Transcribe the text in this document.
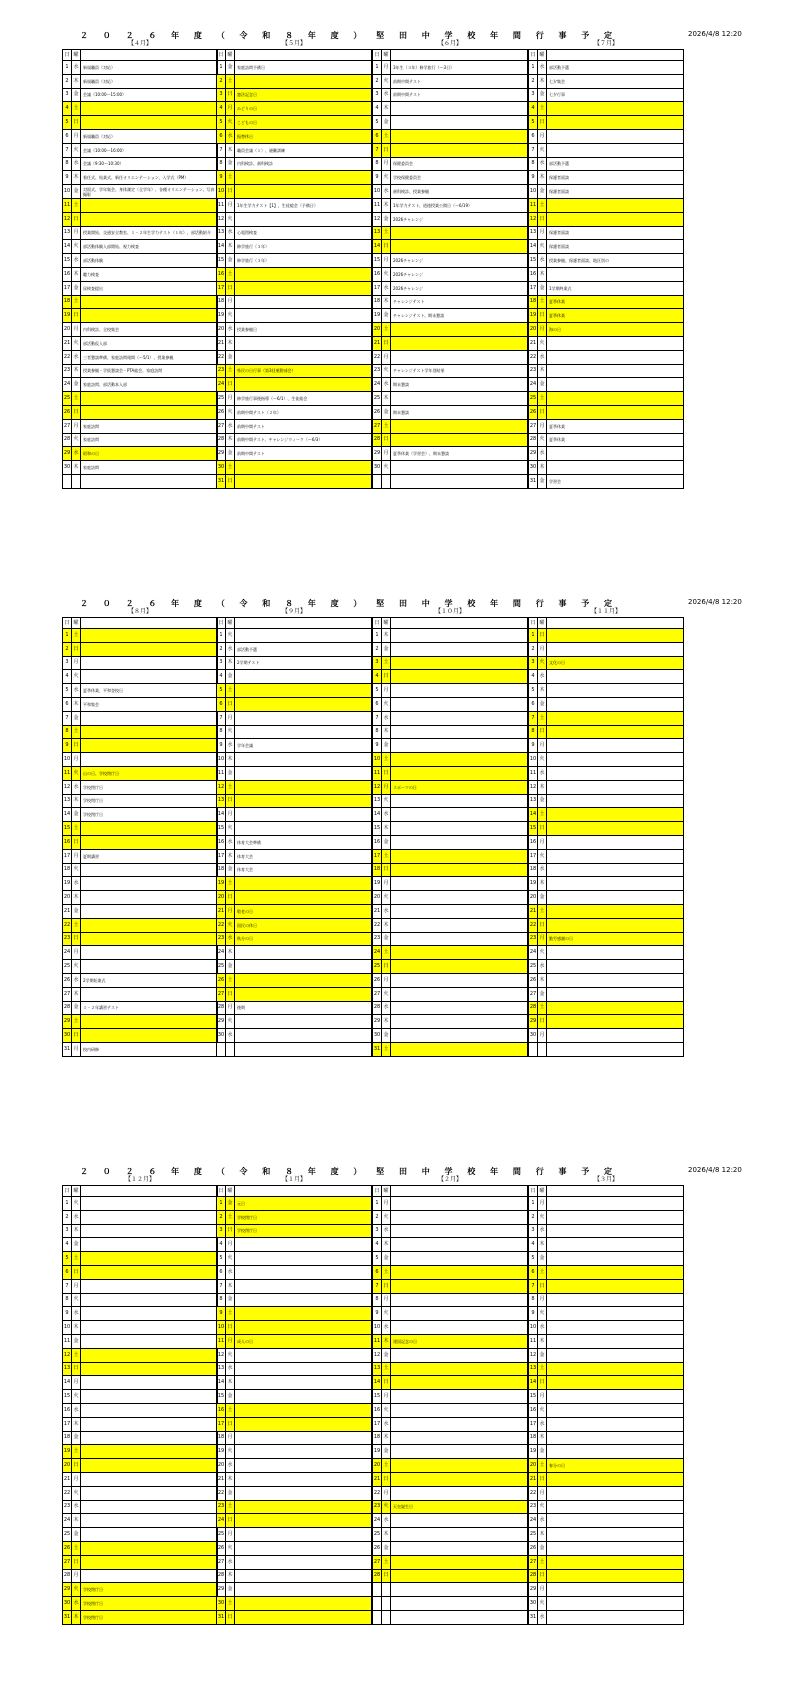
２ ０ ２ ６ 年 度 （ 令 和 ８ 年 度 ） 堅 田 中 学 校 年 間 行 事 予 定	2026/4/8 12:20
【４月】
日	曜	
1	水	新規職員（対応）
2	木	新規職員（対応）
3	金	会議（10:00〜15:00）
4	土	
5	日	
6	月	新規職員（対応）
7	火	会議（10:00〜16:00）
8	水	会議（9:30〜10:30）
9	木	着任式、始業式、新任オリエンテーション、入学式（PM）
10	金	対面式、学年集会、身体測定（全学年）、各種オリエンテーション、写真撮影
11	土	
12	日	
13	月	授業開始、交通安全教室、１・２年生学力テスト（１年）、部活動紹介
14	火	部活動体験入部開始、視力検査
15	水	部活動体験
16	木	聴力検査
17	金	尿検査提出
18	土	
19	日	
20	月	内科検診、全校集会
21	火	部活動仮入部
22	水	三者懇談準備、家庭訪問週間（〜5/1）、授業参観
23	木	授業参観・学級懇談会・PTA総会、家庭訪問
24	金	家庭訪問、部活動本入部
25	土	
26	日	
27	月	家庭訪問
28	火	家庭訪問
29	水	昭和の日
30	木	家庭訪問

【５月】
日	曜	
1	金	家庭訪問予備日
2	土	
3	日	憲法記念日
4	月	みどりの日
5	火	こどもの日
6	水	振替休日
7	木	職員会議（１）、避難訓練
8	金	内科検診、歯科検診
9	土	
10	日	
11	月	1年生学力テスト【1】、生徒総会（予備日）
12	火	
13	水	心電図検査
14	木	修学旅行（３年）
15	金	修学旅行（３年）
16	土	
17	日	
18	月	
19	火	
20	水	授業参観日
21	木	
22	金	
23	土	県民の日行事（第3回運動部会）
24	日	
25	月	修学旅行事後指導（〜6/1）、生徒総会
26	火	前期中間テスト（２年）
27	水	前期中間テスト
28	木	前期中間テスト、チャレンジウィーク（〜6/3）
29	金	前期中間テスト
30	土	
31	日	
【６月】
日	曜	
1	月	3年生（３年）修学旅行（〜3日）
2	火	前期中間テスト
3	水	前期中間テスト
4	木	
5	金	
6	土	
7	日	
8	月	保健委員会
9	火	学校保健委員会
10	水	歯科検診、授業参観
11	木	1年学力テスト、道徳授業公開日（〜6/19）
12	金	2026チャレンジ
13	土	
14	日	
15	月	2026チャレンジ
16	火	2026チャレンジ
17	水	2026チャレンジ
18	木	チャレンジテスト
19	金	チャレンジテスト、期末懇談
20	土	
21	日	
22	月	
23	火	チャレンジテスト学年別結果
24	水	期末懇談
25	木	
26	金	期末懇談
27	土	
28	日	
29	月	夏季休業（学習会）、期末懇談
30	火	

【７月】
日	曜	
1	水	部活動予選
2	木	七夕集会
3	金	七夕行事
4	土	
5	日	
6	月	
7	火	
8	水	部活動予選
9	木	保護者面談
10	金	保護者面談
11	土	
12	日	
13	月	保護者面談
14	火	保護者面談
15	水	授業参観、保護者面談、地区別の
16	木	
17	金	1学期終業式
18	土	夏季休業
19	日	夏季休業
20	月	海の日
21	火	
22	水	
23	木	
24	金	
25	土	
26	日	
27	月	夏季休業
28	火	夏季休業
29	水	
30	木	
31	金	学習会
２ ０ ２ ６ 年 度 （ 令 和 ８ 年 度 ） 堅 田 中 学 校 年 間 行 事 予 定	2026/4/8 12:20
【８月】
日	曜	
1	土	
2	日	
3	月	
4	火	
5	水	夏季休業、平和登校日
6	木	平和集会
7	金	
8	土	
9	日	
10	月	
11	火	山の日、学校閉庁日
12	水	学校閉庁日
13	木	学校閉庁日
14	金	学校閉庁日
15	土	
16	日	
17	月	夏期講習
18	火	
19	水	
20	木	
21	金	
22	土	
23	日	
24	月	
25	火	
26	水	2学期始業式
27	木	
28	金	１・２年講習テスト
29	土	
30	日	
31	月	校内研修
【９月】
日	曜	
1	火	
2	水	部活動予選
3	木	2学期テスト
4	金	
5	土	
6	日	
7	月	
8	火	
9	水	学年会議
10	木	
11	金	
12	土	
13	日	
14	月	
15	火	
16	水	体育大会準備
17	木	体育大会
18	金	体育大会
19	土	
20	日	
21	月	敬老の日
22	火	国民の休日
23	水	秋分の日
24	木	
25	金	
26	土	
27	日	
28	月	後期
29	火	
30	水	

【１０月】
日	曜	
1	木	
2	金	
3	土	
4	日	
5	月	
6	火	
7	水	
8	木	
9	金	
10	土	
11	日	
12	月	スポーツの日
13	火	
14	水	
15	木	
16	金	
17	土	
18	日	
19	月	
20	火	
21	水	
22	木	
23	金	
24	土	
25	日	
26	月	
27	火	
28	水	
29	木	
30	金	
31	土	
【１１月】
日	曜	
1	日	
2	月	
3	火	文化の日
4	水	
5	木	
6	金	
7	土	
8	日	
9	月	
10	火	
11	水	
12	木	
13	金	
14	土	
15	日	
16	月	
17	火	
18	水	
19	木	
20	金	
21	土	
22	日	
23	月	勤労感謝の日
24	火	
25	水	
26	木	
27	金	
28	土	
29	日	
30	月	

２ ０ ２ ６ 年 度 （ 令 和 ８ 年 度 ） 堅 田 中 学 校 年 間 行 事 予 定	2026/4/8 12:20
【１２月】
日	曜	
1	火	
2	水	
3	木	
4	金	
5	土	
6	日	
7	月	
8	火	
9	水	
10	木	
11	金	
12	土	
13	日	
14	月	
15	火	
16	水	
17	木	
18	金	
19	土	
20	日	
21	月	
22	火	
23	水	
24	木	
25	金	
26	土	
27	日	
28	月	
29	火	学校閉庁日
30	水	学校閉庁日
31	木	学校閉庁日
【１月】
日	曜	
1	金	元日
2	土	学校閉庁日
3	日	学校閉庁日
4	月	
5	火	
6	水	
7	木	
8	金	
9	土	
10	日	
11	月	成人の日
12	火	
13	水	
14	木	
15	金	
16	土	
17	日	
18	月	
19	火	
20	水	
21	木	
22	金	
23	土	
24	日	
25	月	
26	火	
27	水	
28	木	
29	金	
30	土	
31	日	
【２月】
日	曜	
1	月	
2	火	
3	水	
4	木	
5	金	
6	土	
7	日	
8	月	
9	火	
10	水	
11	木	建国記念の日
12	金	
13	土	
14	日	
15	月	
16	火	
17	水	
18	木	
19	金	
20	土	
21	日	
22	月	
23	火	天皇誕生日
24	水	
25	木	
26	金	
27	土	
28	日	

【３月】
日	曜	
1	月	
2	火	
3	水	
4	木	
5	金	
6	土	
7	日	
8	月	
9	火	
10	水	
11	木	
12	金	
13	土	
14	日	
15	月	
16	火	
17	水	
18	木	
19	金	
20	土	春分の日
21	日	
22	月	
23	火	
24	水	
25	木	
26	金	
27	土	
28	日	
29	月	
30	火	
31	水	
